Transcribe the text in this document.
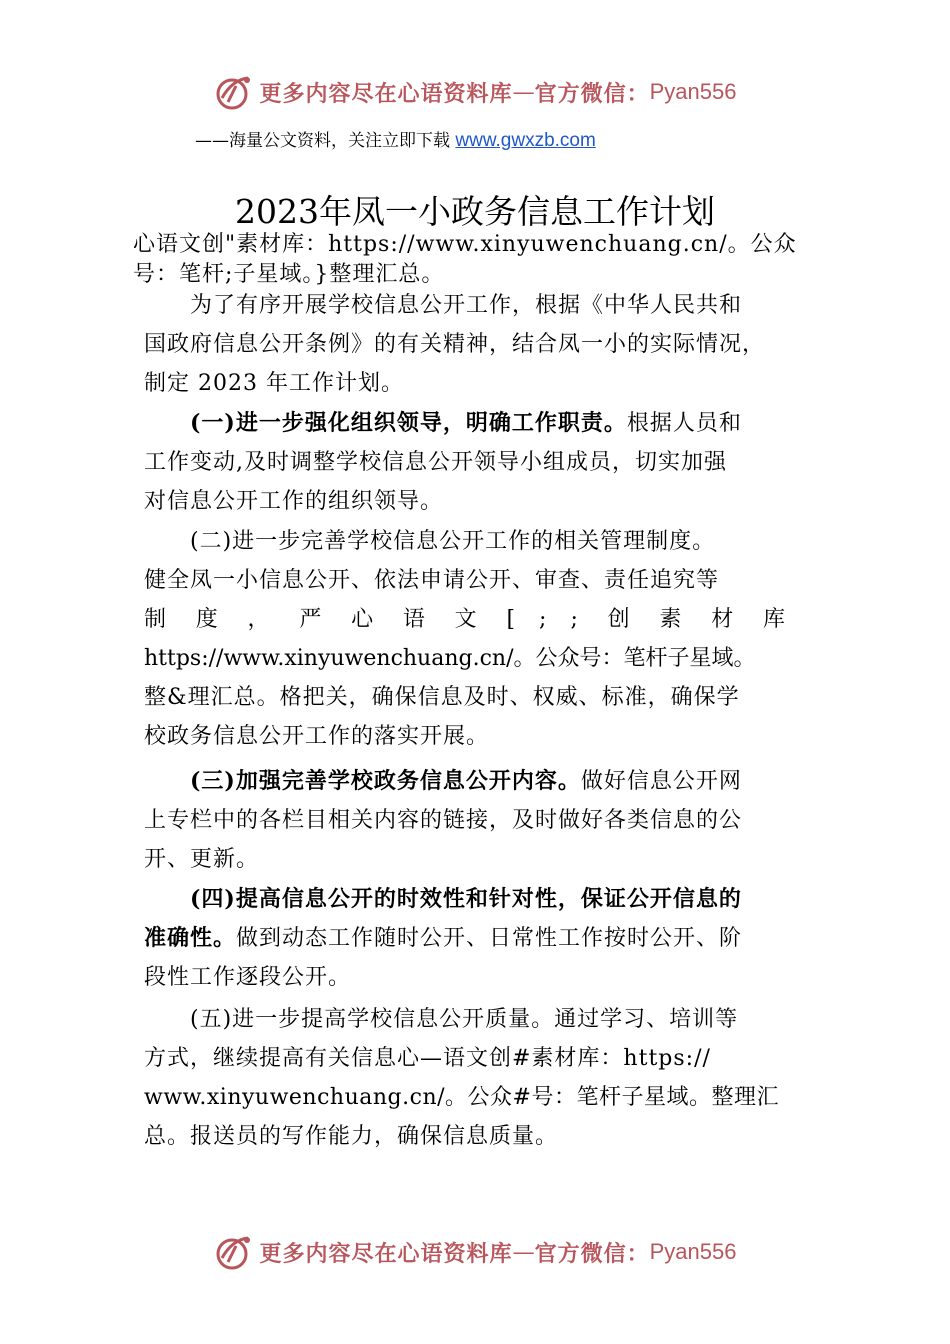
更多内容尽在心语资料库 — 官方微信： Pyan556
——海量公文资料，关注立即下载 www.gwxzb.com
2023年凤一小政务信息工作计划
心语文创"素材库：https://www.xinyuwenchuang.cn/。公众
号：笔杆;子星域。}整理汇总。

为了有序开展学校信息公开工作，根据《中华人民共和

国政府信息公开条例》的有关精神，结合凤一小的实际情况，

制定 2023 年工作计划。

(一)进一步强化组织领导，明确工作职责。根据人员和

工作变动,及时调整学校信息公开领导小组成员，切实加强

对信息公开工作的组织领导。

(二)进一步完善学校信息公开工作的相关管理制度。

健全凤一小信息公开、依法申请公开、审查、责任追究等

制度，严心语文[;;创素材库

https://www.xinyuwenchuang.cn/。公众号：笔杆子星域。

整&理汇总。格把关，确保信息及时、权威、标准，确保学

校政务信息公开工作的落实开展。

(三)加强完善学校政务信息公开内容。做好信息公开网

上专栏中的各栏目相关内容的链接，及时做好各类信息的公

开、更新。

(四)提高信息公开的时效性和针对性，保证公开信息的

准确性。做到动态工作随时公开、日常性工作按时公开、阶

段性工作逐段公开。

(五)进一步提高学校信息公开质量。通过学习、培训等

方式，继续提高有关信息心—语文创#素材库：https://

www.xinyuwenchuang.cn/。公众#号：笔杆子星域。整理汇

总。报送员的写作能力，确保信息质量。

更多内容尽在心语资料库 — 官方微信： Pyan556
